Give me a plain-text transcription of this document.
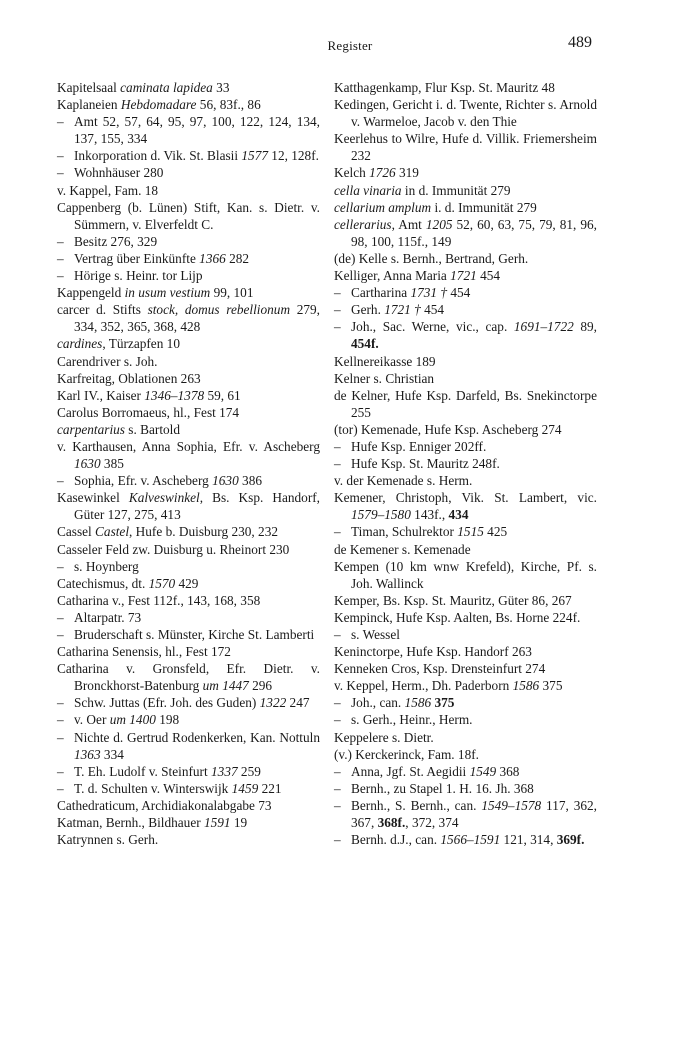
Register	489
Kapitelsaal caminata lapidea 33
Kaplaneien Hebdomadare 56, 83f., 86
– Amt 52, 57, 64, 95, 97, 100, 122, 124, 134, 137, 155, 334
– Inkorporation d. Vik. St. Blasii 1577 12, 128f.
– Wohnhäuser 280
v. Kappel, Fam. 18
Cappenberg (b. Lünen) Stift, Kan. s. Dietr. v. Sümmern, v. Elverfeldt C.
– Besitz 276, 329
– Vertrag über Einkünfte 1366 282
– Hörige s. Heinr. tor Lijp
Kappengeld in usum vestium 99, 101
carcer d. Stifts stock, domus rebellionum 279, 334, 352, 365, 368, 428
cardines, Türzapfen 10
Carendriver s. Joh.
Karfreitag, Oblationen 263
Karl IV., Kaiser 1346–1378 59, 61
Carolus Borromaeus, hl., Fest 174
carpentarius s. Bartold
v. Karthausen, Anna Sophia, Efr. v. Ascheberg 1630 385
– Sophia, Efr. v. Ascheberg 1630 386
Kasewinkel Kalveswinkel, Bs. Ksp. Handorf, Güter 127, 275, 413
Cassel Castel, Hufe b. Duisburg 230, 232
Casseler Feld zw. Duisburg u. Rheinort 230
– s. Hoynberg
Catechismus, dt. 1570 429
Catharina v., Fest 112f., 143, 168, 358
– Altarpatr. 73
– Bruderschaft s. Münster, Kirche St. Lamberti
Catharina Senensis, hl., Fest 172
Catharina v. Gronsfeld, Efr. Dietr. v. Bronckhorst-Batenburg um 1447 296
– Schw. Juttas (Efr. Joh. des Guden) 1322 247
– v. Oer um 1400 198
– Nichte d. Gertrud Rodenkerken, Kan. Nottuln 1363 334
– T. Eh. Ludolf v. Steinfurt 1337 259
– T. d. Schulten v. Winterswijk 1459 221
Cathedraticum, Archidiakonalabgabe 73
Katman, Bernh., Bildhauer 1591 19
Katrynnen s. Gerh.
Katthagenkamp, Flur Ksp. St. Mauritz 48
Kedingen, Gericht i. d. Twente, Richter s. Arnold v. Warmeloe, Jacob v. den Thie
Keerlehus to Wilre, Hufe d. Villik. Friemersheim 232
Kelch 1726 319
cella vinaria in d. Immunität 279
cellarium amplum i. d. Immunität 279
cellerarius, Amt 1205 52, 60, 63, 75, 79, 81, 96, 98, 100, 115f., 149
(de) Kelle s. Bernh., Bertrand, Gerh.
Kelliger, Anna Maria 1721 454
– Cartharina 1731 † 454
– Gerh. 1721 † 454
– Joh., Sac. Werne, vic., cap. 1691–1722 89, 454f.
Kellnereikasse 189
Kelner s. Christian
de Kelner, Hufe Ksp. Darfeld, Bs. Snekinctorpe 255
(tor) Kemenade, Hufe Ksp. Ascheberg 274
– Hufe Ksp. Enniger 202ff.
– Hufe Ksp. St. Mauritz 248f.
v. der Kemenade s. Herm.
Kemener, Christoph, Vik. St. Lambert, vic. 1579–1580 143f., 434
– Timan, Schulrektor 1515 425
de Kemener s. Kemenade
Kempen (10 km wnw Krefeld), Kirche, Pf. s. Joh. Wallinck
Kemper, Bs. Ksp. St. Mauritz, Güter 86, 267
Kempinck, Hufe Ksp. Aalten, Bs. Horne 224f.
– s. Wessel
Keninctorpe, Hufe Ksp. Handorf 263
Kenneken Cros, Ksp. Drensteinfurt 274
v. Keppel, Herm., Dh. Paderborn 1586 375
– Joh., can. 1586 375
– s. Gerh., Heinr., Herm.
Keppelere s. Dietr.
(v.) Kerckerinck, Fam. 18f.
– Anna, Jgf. St. Aegidii 1549 368
– Bernh., zu Stapel 1. H. 16. Jh. 368
– Bernh., S. Bernh., can. 1549–1578 117, 362, 367, 368f., 372, 374
– Bernh. d.J., can. 1566–1591 121, 314, 369f.
